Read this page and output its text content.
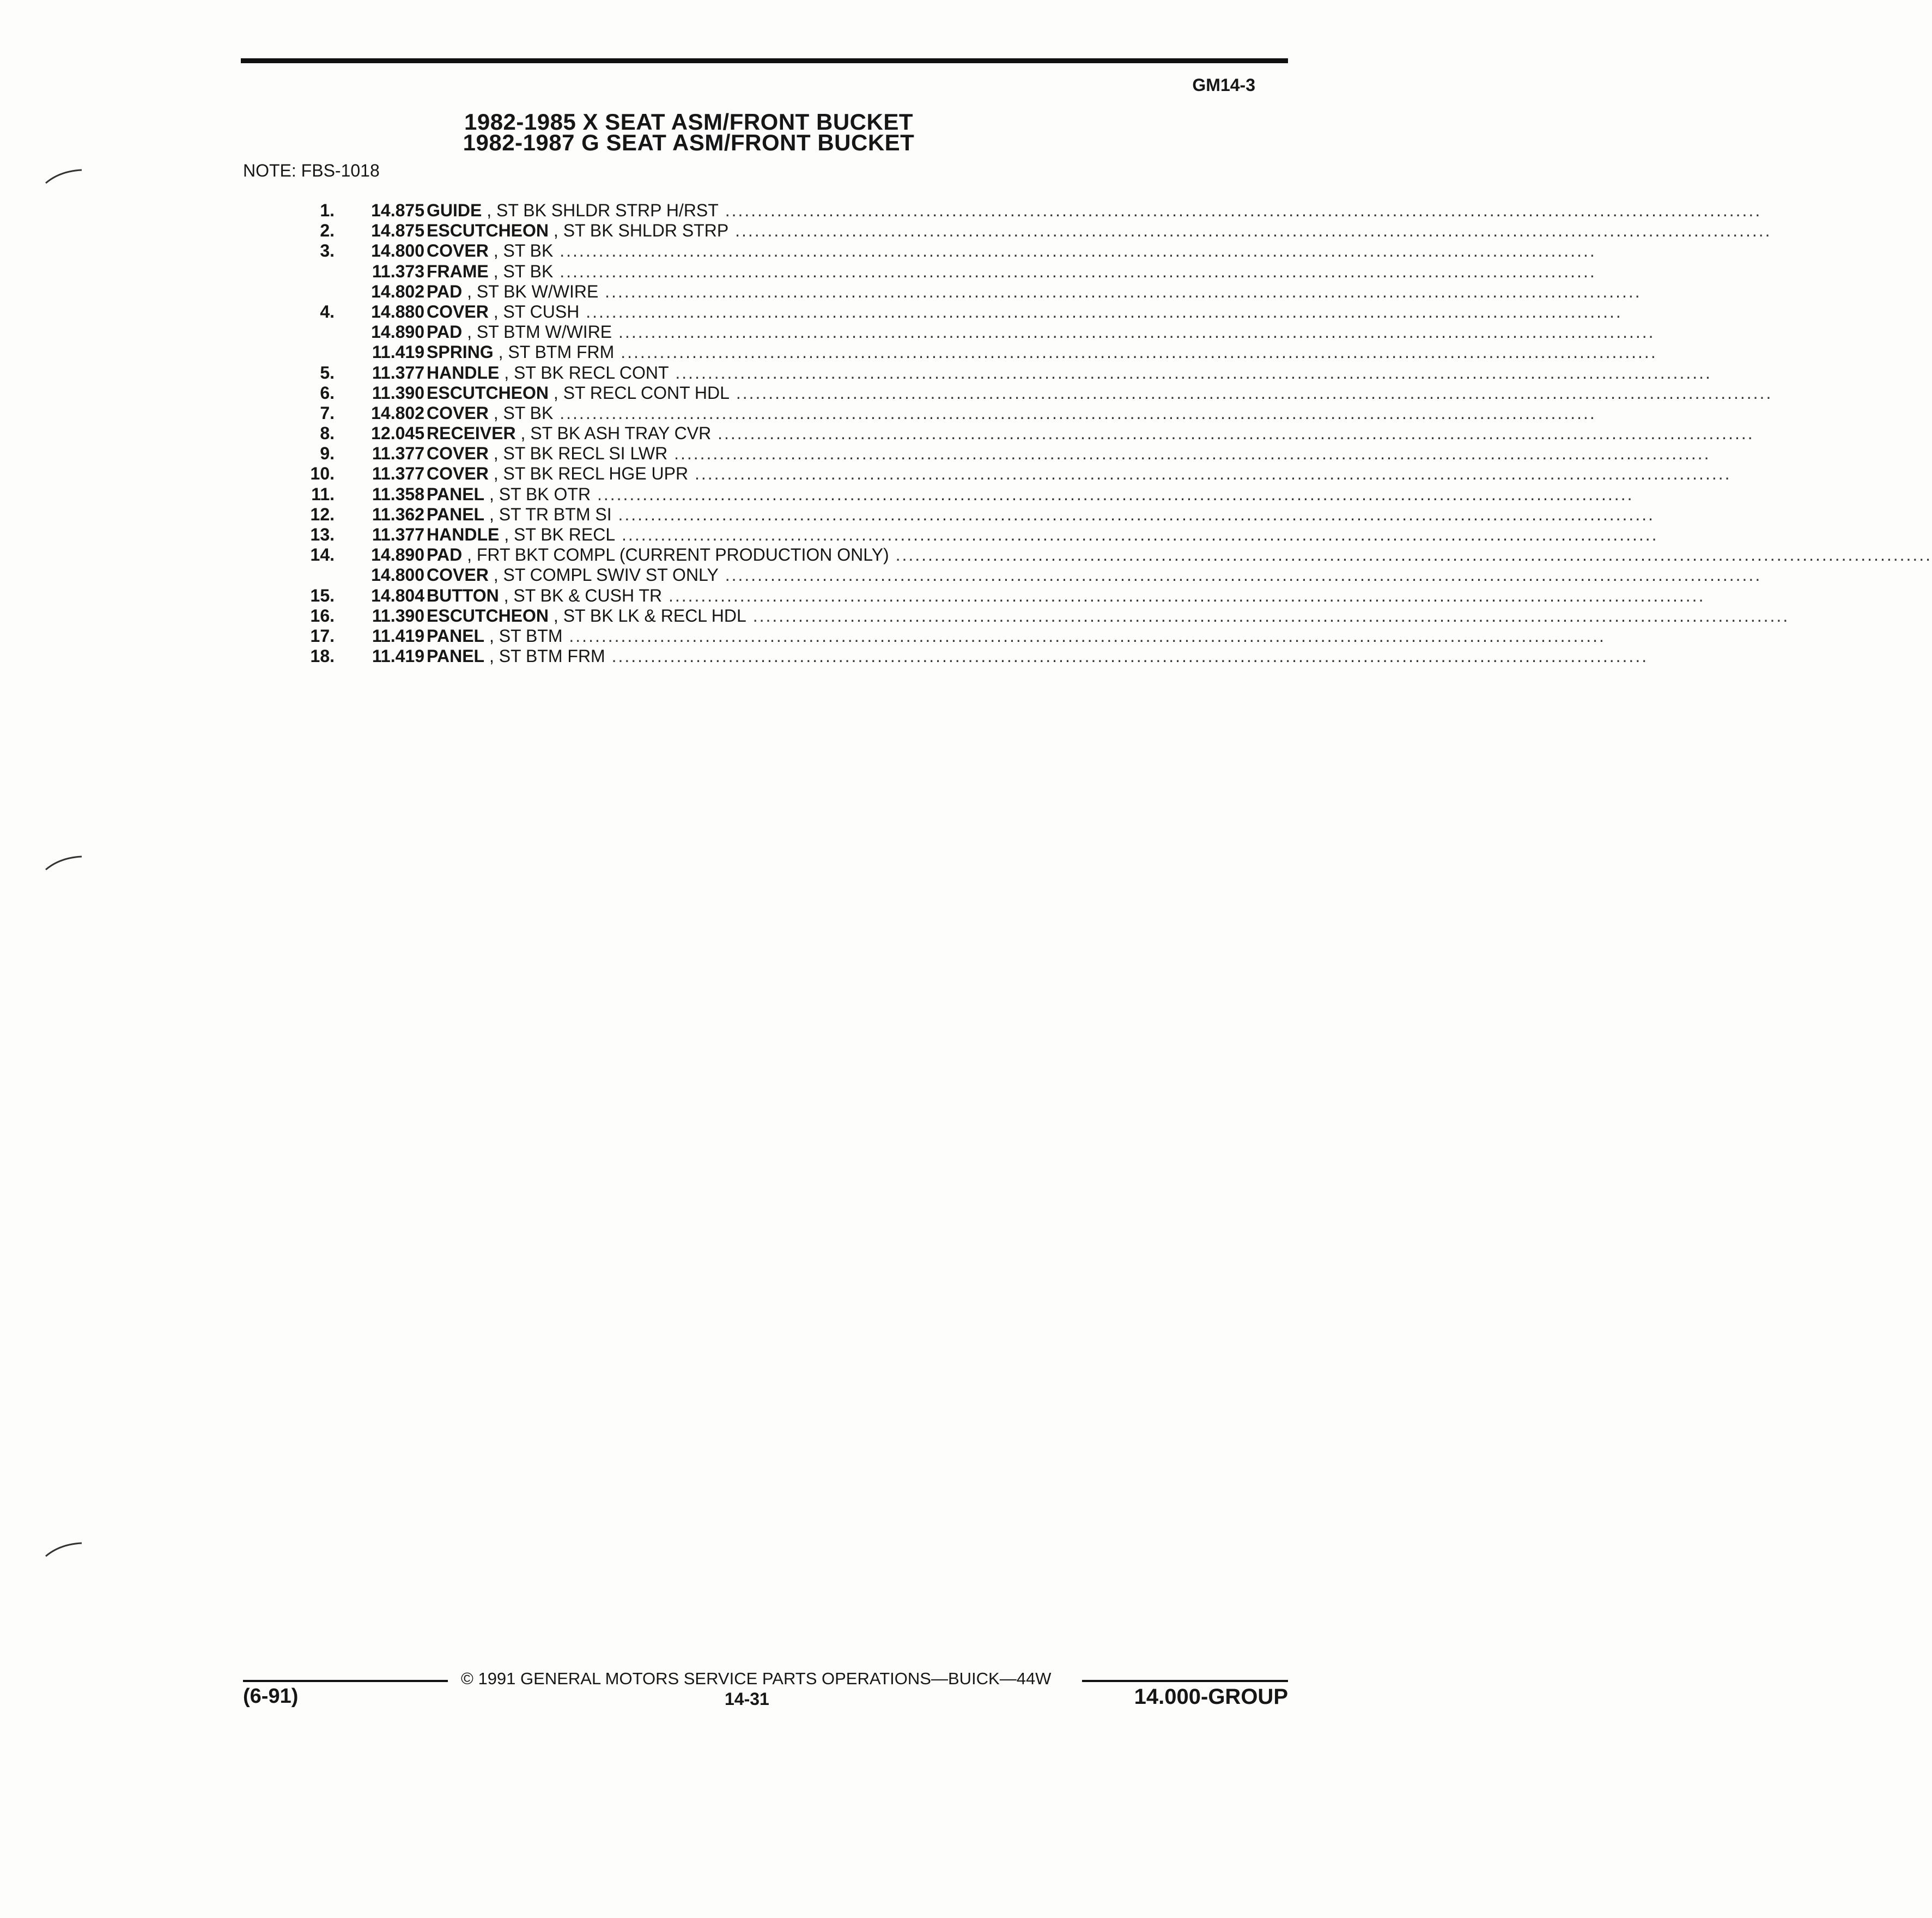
GM14-3
1982-1985 X SEAT ASM/FRONT BUCKET
1982-1987 G SEAT ASM/FRONT BUCKET
NOTE: FBS-1018
1.	14.875 GUIDE , ST BK SHLDR STRP H/RST ................................................................................................................................................................
2.	14.875 ESCUTCHEON , ST BK SHLDR STRP ................................................................................................................................................................
3.	14.800 COVER , ST BK ................................................................................................................................................................
11.373 FRAME , ST BK ................................................................................................................................................................
14.802 PAD , ST BK W/WIRE ................................................................................................................................................................
4.	14.880 COVER , ST CUSH ................................................................................................................................................................
14.890 PAD , ST BTM W/WIRE ................................................................................................................................................................
11.419 SPRING , ST BTM FRM ................................................................................................................................................................
5.	11.377 HANDLE , ST BK RECL CONT ................................................................................................................................................................
6.	11.390 ESCUTCHEON , ST RECL CONT HDL ................................................................................................................................................................
7.	14.802 COVER , ST BK ................................................................................................................................................................
8.	12.045 RECEIVER , ST BK ASH TRAY CVR ................................................................................................................................................................
9.	11.377 COVER , ST BK RECL SI LWR ................................................................................................................................................................
10.	11.377 COVER , ST BK RECL HGE UPR ................................................................................................................................................................
11.	11.358 PANEL , ST BK OTR ................................................................................................................................................................
12.	11.362 PANEL , ST TR BTM SI ................................................................................................................................................................
13.	11.377 HANDLE , ST BK RECL ................................................................................................................................................................
14.	14.890 PAD , FRT BKT COMPL (CURRENT PRODUCTION ONLY) ................................................................................................................................................................
14.800 COVER , ST COMPL SWIV ST ONLY ................................................................................................................................................................
15.	14.804 BUTTON , ST BK & CUSH TR ................................................................................................................................................................
16.	11.390 ESCUTCHEON , ST BK LK & RECL HDL ................................................................................................................................................................
17.	11.419 PANEL , ST BTM ................................................................................................................................................................
18.	11.419 PANEL , ST BTM FRM ................................................................................................................................................................
© 1991 GENERAL MOTORS SERVICE PARTS OPERATIONS—BUICK—44W
(6-91)	14-31	14.000-GROUP
